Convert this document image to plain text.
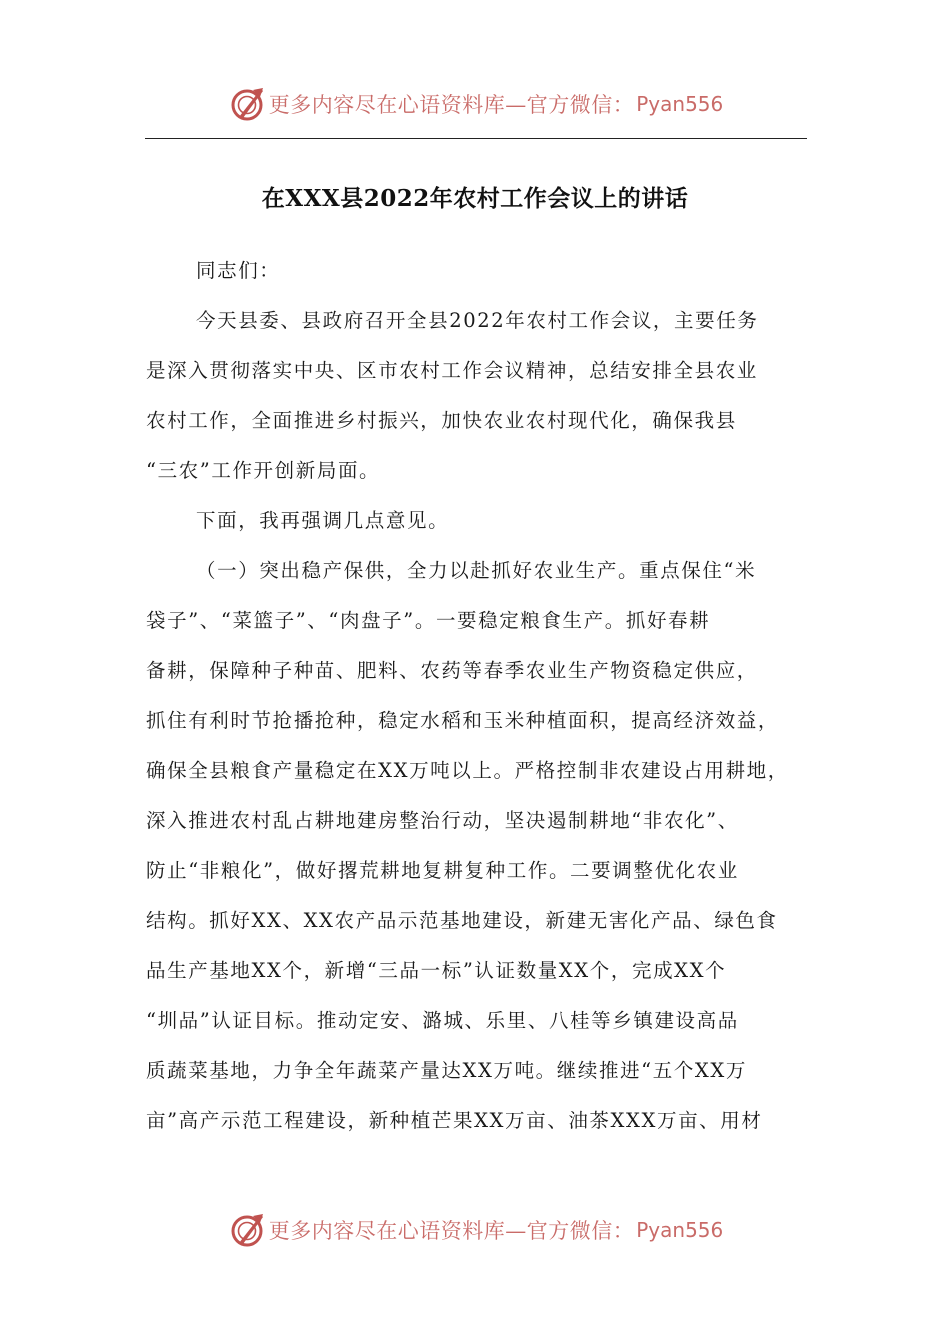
更多内容尽在心语资料库—官方微信： Pyan556
在XXX县2022年农村工作会议上的讲话
同志们：
今天县委、县政府召开全县2022年农村工作会议，主要任务
是深入贯彻落实中央、区市农村工作会议精神，总结安排全县农业
农村工作，全面推进乡村振兴，加快农业农村现代化，确保我县
“三农”工作开创新局面。
下面，我再强调几点意见。
（一）突出稳产保供，全力以赴抓好农业生产。重点保住“米
袋子”、“菜篮子”、“肉盘子”。一要稳定粮食生产。抓好春耕
备耕，保障种子种苗、肥料、农药等春季农业生产物资稳定供应，
抓住有利时节抢播抢种，稳定水稻和玉米种植面积，提高经济效益，
确保全县粮食产量稳定在XX万吨以上。严格控制非农建设占用耕地，
深入推进农村乱占耕地建房整治行动，坚决遏制耕地“非农化”、
防止“非粮化”，做好撂荒耕地复耕复种工作。二要调整优化农业
结构。抓好XX、XX农产品示范基地建设，新建无害化产品、绿色食
品生产基地XX个，新增“三品一标”认证数量XX个，完成XX个
“圳品”认证目标。推动定安、潞城、乐里、八桂等乡镇建设高品
质蔬菜基地，力争全年蔬菜产量达XX万吨。继续推进“五个XX万
亩”高产示范工程建设，新种植芒果XX万亩、油茶XXX万亩、用材
更多内容尽在心语资料库—官方微信： Pyan556
